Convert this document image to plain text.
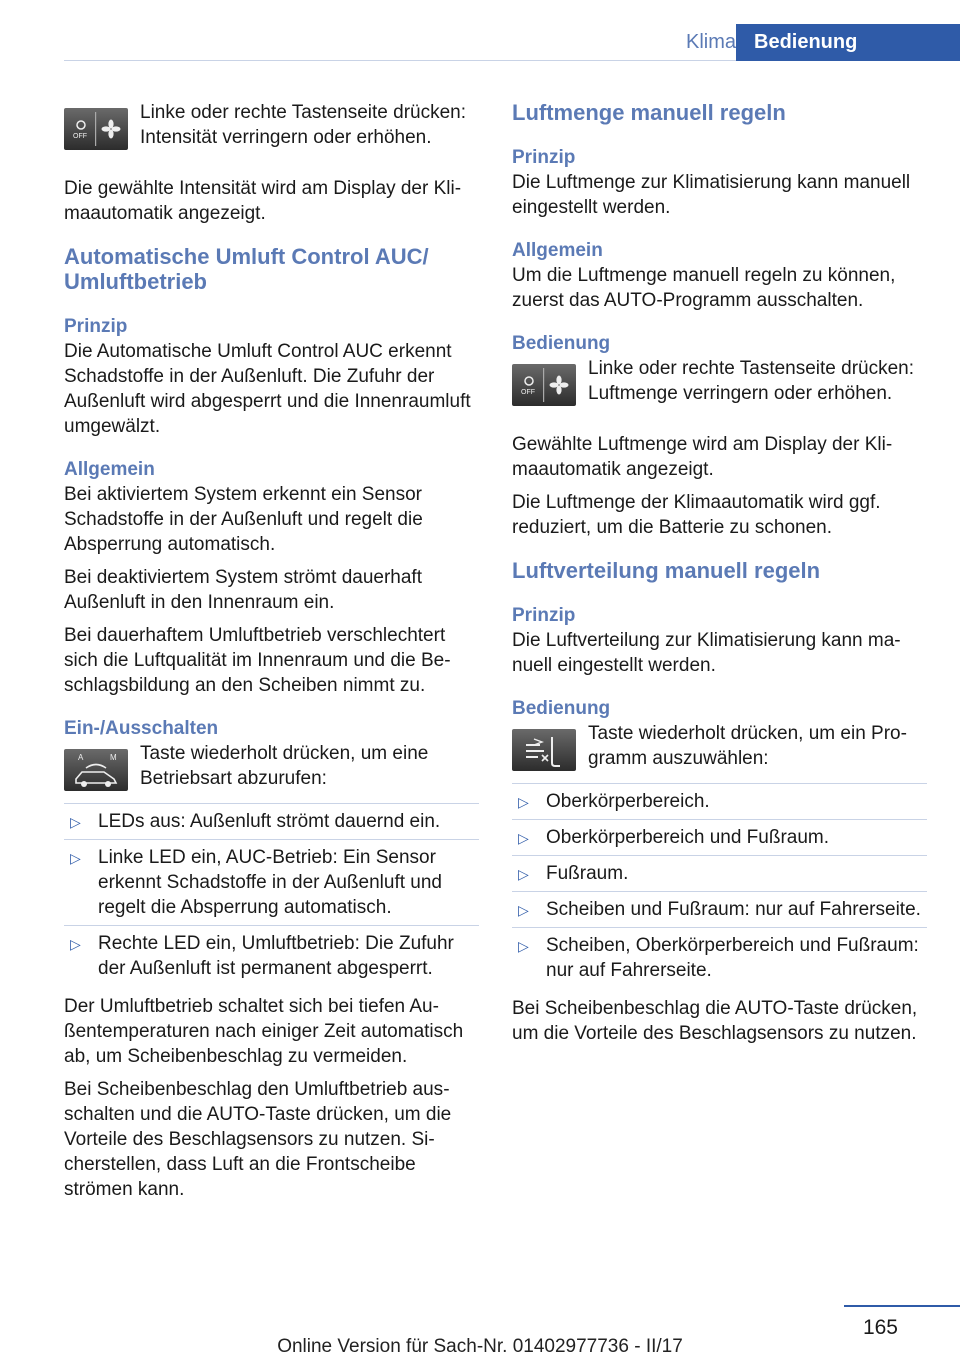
Klima Bedienung
OFF

Linke oder rechte Tastenseite drücken: Intensität verringern oder erhöhen.

Die gewählte Intensität wird am Display der Klimaautomatik angezeigt.

Automatische Umluft Control AUC/ Umluftbetrieb
Prinzip

Die Automatische Umluft Control AUC erkennt Schadstoffe in der Außenluft. Die Zufuhr der Außenluft wird abgesperrt und die Innenraumluft umgewälzt.

Allgemein

Bei aktiviertem System erkennt ein Sensor Schadstoffe in der Außenluft und regelt die Absperrung automatisch.

Bei deaktiviertem System strömt dauerhaft Außenluft in den Innenraum ein.

Bei dauerhaftem Umluftbetrieb verschlechtert sich die Luftqualität im Innenraum und die Beschlagsbildung an den Scheiben nimmt zu.

Ein-/Ausschalten
A	M	Taste wiederholt drücken, um eine Betriebsart abzurufen:

▷ LEDs aus: Außenluft strömt dauernd ein.
▷ Linke LED ein, AUC-Betrieb: Ein Sensor erkennt Schadstoffe in der Außenluft und regelt die Absperrung automatisch.
▷ Rechte LED ein, Umluftbetrieb: Die Zufuhr der Außenluft ist permanent abgesperrt.

Der Umluftbetrieb schaltet sich bei tiefen Außentemperaturen nach einiger Zeit automatisch ab, um Scheibenbeschlag zu vermeiden.

Bei Scheibenbeschlag den Umluftbetrieb ausschalten und die AUTO-Taste drücken, um die Vorteile des Beschlagsensors zu nutzen. Sicherstellen, dass Luft an die Frontscheibe strömen kann.

Luftmenge manuell regeln
Prinzip

Die Luftmenge zur Klimatisierung kann manuell eingestellt werden.

Allgemein

Um die Luftmenge manuell regeln zu können, zuerst das AUTO-Programm ausschalten.

Bedienung
OFF

Linke oder rechte Tastenseite drücken: Luftmenge verringern oder erhöhen.

Gewählte Luftmenge wird am Display der Klimaautomatik angezeigt.

Die Luftmenge der Klimaautomatik wird ggf. reduziert, um die Batterie zu schonen.

Luftverteilung manuell regeln
Prinzip

Die Luftverteilung zur Klimatisierung kann manuell eingestellt werden.

Bedienung

Taste wiederholt drücken, um ein Programm auszuwählen:

▷ Oberkörperbereich.
▷ Oberkörperbereich und Fußraum.
▷ Fußraum.
▷ Scheiben und Fußraum: nur auf Fahrerseite.
▷ Scheiben, Oberkörperbereich und Fußraum: nur auf Fahrerseite.

Bei Scheibenbeschlag die AUTO-Taste drücken, um die Vorteile des Beschlagsensors zu nutzen.

165
Online Version für Sach-Nr. 01402977736 - II/17
